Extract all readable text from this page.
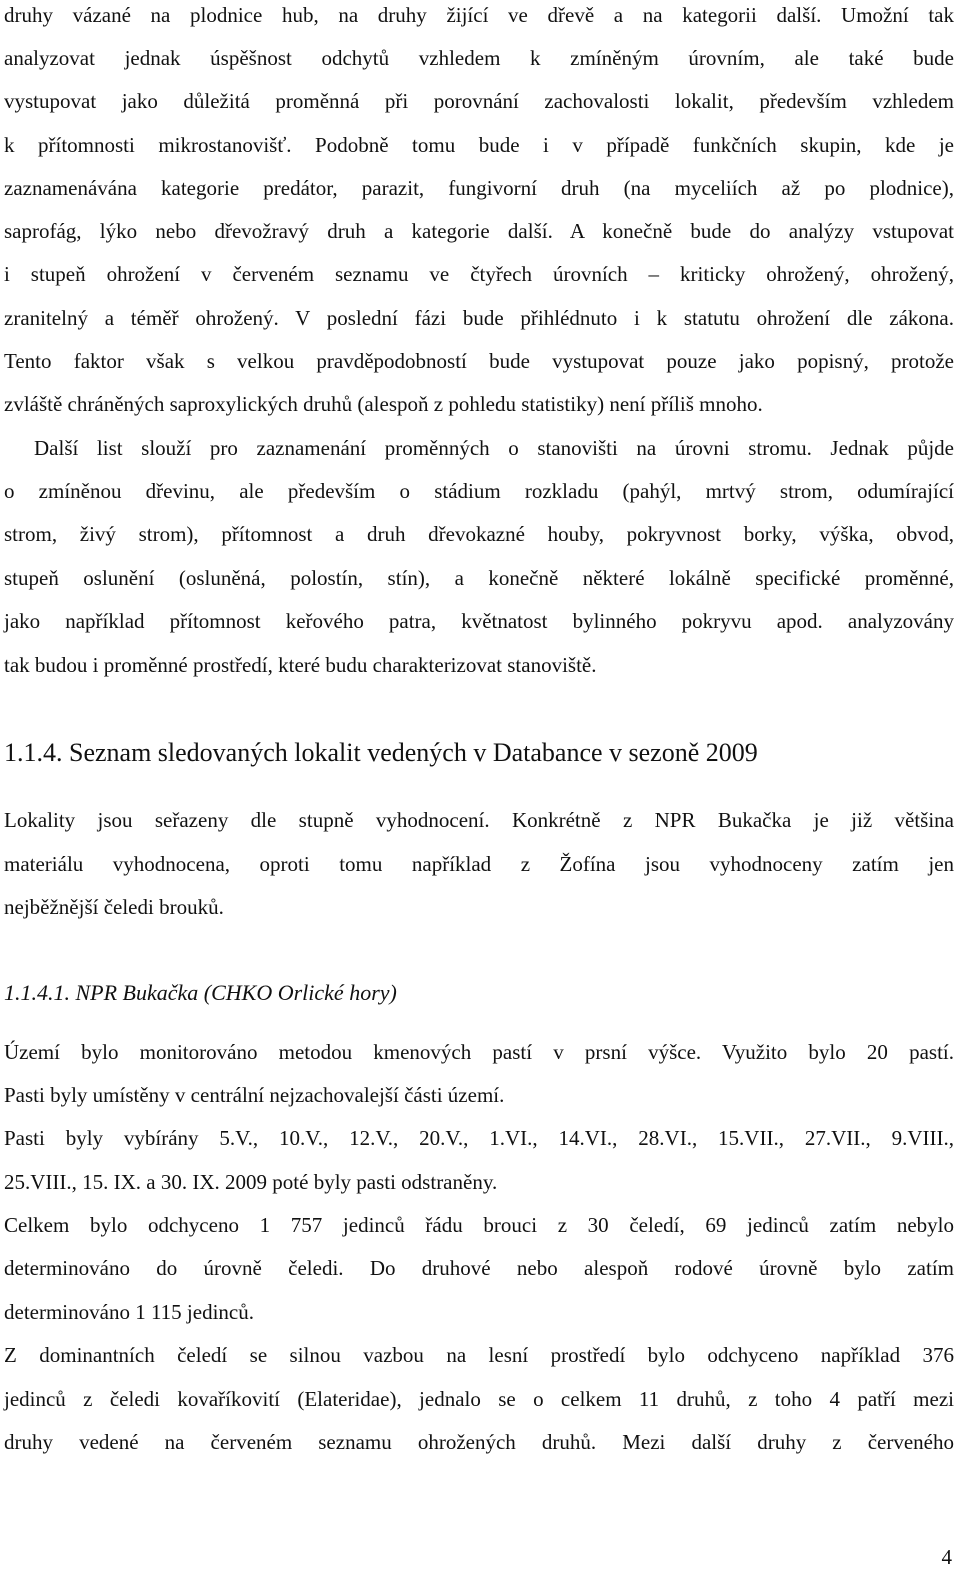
druhy vázané na plodnice hub, na druhy žijící ve dřevě a na kategorii další. Umožní tak
analyzovat jednak úspěšnost odchytů vzhledem k zmíněným úrovním, ale také bude
vystupovat jako důležitá proměnná při porovnání zachovalosti lokalit, především vzhledem
k přítomnosti mikrostanovišť. Podobně tomu bude i v případě funkčních skupin, kde je
zaznamenávána kategorie predátor, parazit, fungivorní druh (na myceliích až po plodnice),
saprofág, lýko nebo dřevožravý druh a kategorie další. A konečně bude do analýzy vstupovat
i stupeň ohrožení v červeném seznamu ve čtyřech úrovních – kriticky ohrožený, ohrožený,
zranitelný a téměř ohrožený. V poslední fázi bude přihlédnuto i k statutu ohrožení dle zákona.
Tento faktor však s velkou pravděpodobností bude vystupovat pouze jako popisný, protože
zvláště chráněných saproxylických druhů (alespoň z pohledu statistiky) není příliš mnoho.
Další list slouží pro zaznamenání proměnných o stanovišti na úrovni stromu. Jednak půjde
o zmíněnou dřevinu, ale především o stádium rozkladu (pahýl, mrtvý strom, odumírající
strom, živý strom), přítomnost a druh dřevokazné houby, pokryvnost borky, výška, obvod,
stupeň oslunění (osluněná, polostín, stín), a konečně některé lokálně specifické proměnné,
jako například přítomnost keřového patra, květnatost bylinného pokryvu apod. analyzovány
tak budou i proměnné prostředí, které budu charakterizovat stanoviště.
1.1.4. Seznam sledovaných lokalit vedených v Databance v sezoně 2009
Lokality jsou seřazeny dle stupně vyhodnocení. Konkrétně z NPR Bukačka je již většina
materiálu vyhodnocena, oproti tomu například z Žofína jsou vyhodnoceny zatím jen
nejběžnější čeledi brouků.
1.1.4.1. NPR Bukačka (CHKO Orlické hory)
Území bylo monitorováno metodou kmenových pastí v prsní výšce. Využito bylo 20 pastí.
Pasti byly umístěny v centrální nejzachovalejší části území.
Pasti byly vybírány 5.V., 10.V., 12.V., 20.V., 1.VI., 14.VI., 28.VI., 15.VII., 27.VII., 9.VIII.,
25.VIII., 15. IX. a 30. IX. 2009 poté byly pasti odstraněny.
Celkem bylo odchyceno 1 757 jedinců řádu brouci z 30 čeledí, 69 jedinců zatím nebylo
determinováno do úrovně čeledi. Do druhové nebo alespoň rodové úrovně bylo zatím
determinováno 1 115 jedinců.
Z dominantních čeledí se silnou vazbou na lesní prostředí bylo odchyceno například 376
jedinců z čeledi kovaříkovití (Elateridae), jednalo se o celkem 11 druhů, z toho 4 patří mezi
druhy vedené na červeném seznamu ohrožených druhů. Mezi další druhy z červeného
4
